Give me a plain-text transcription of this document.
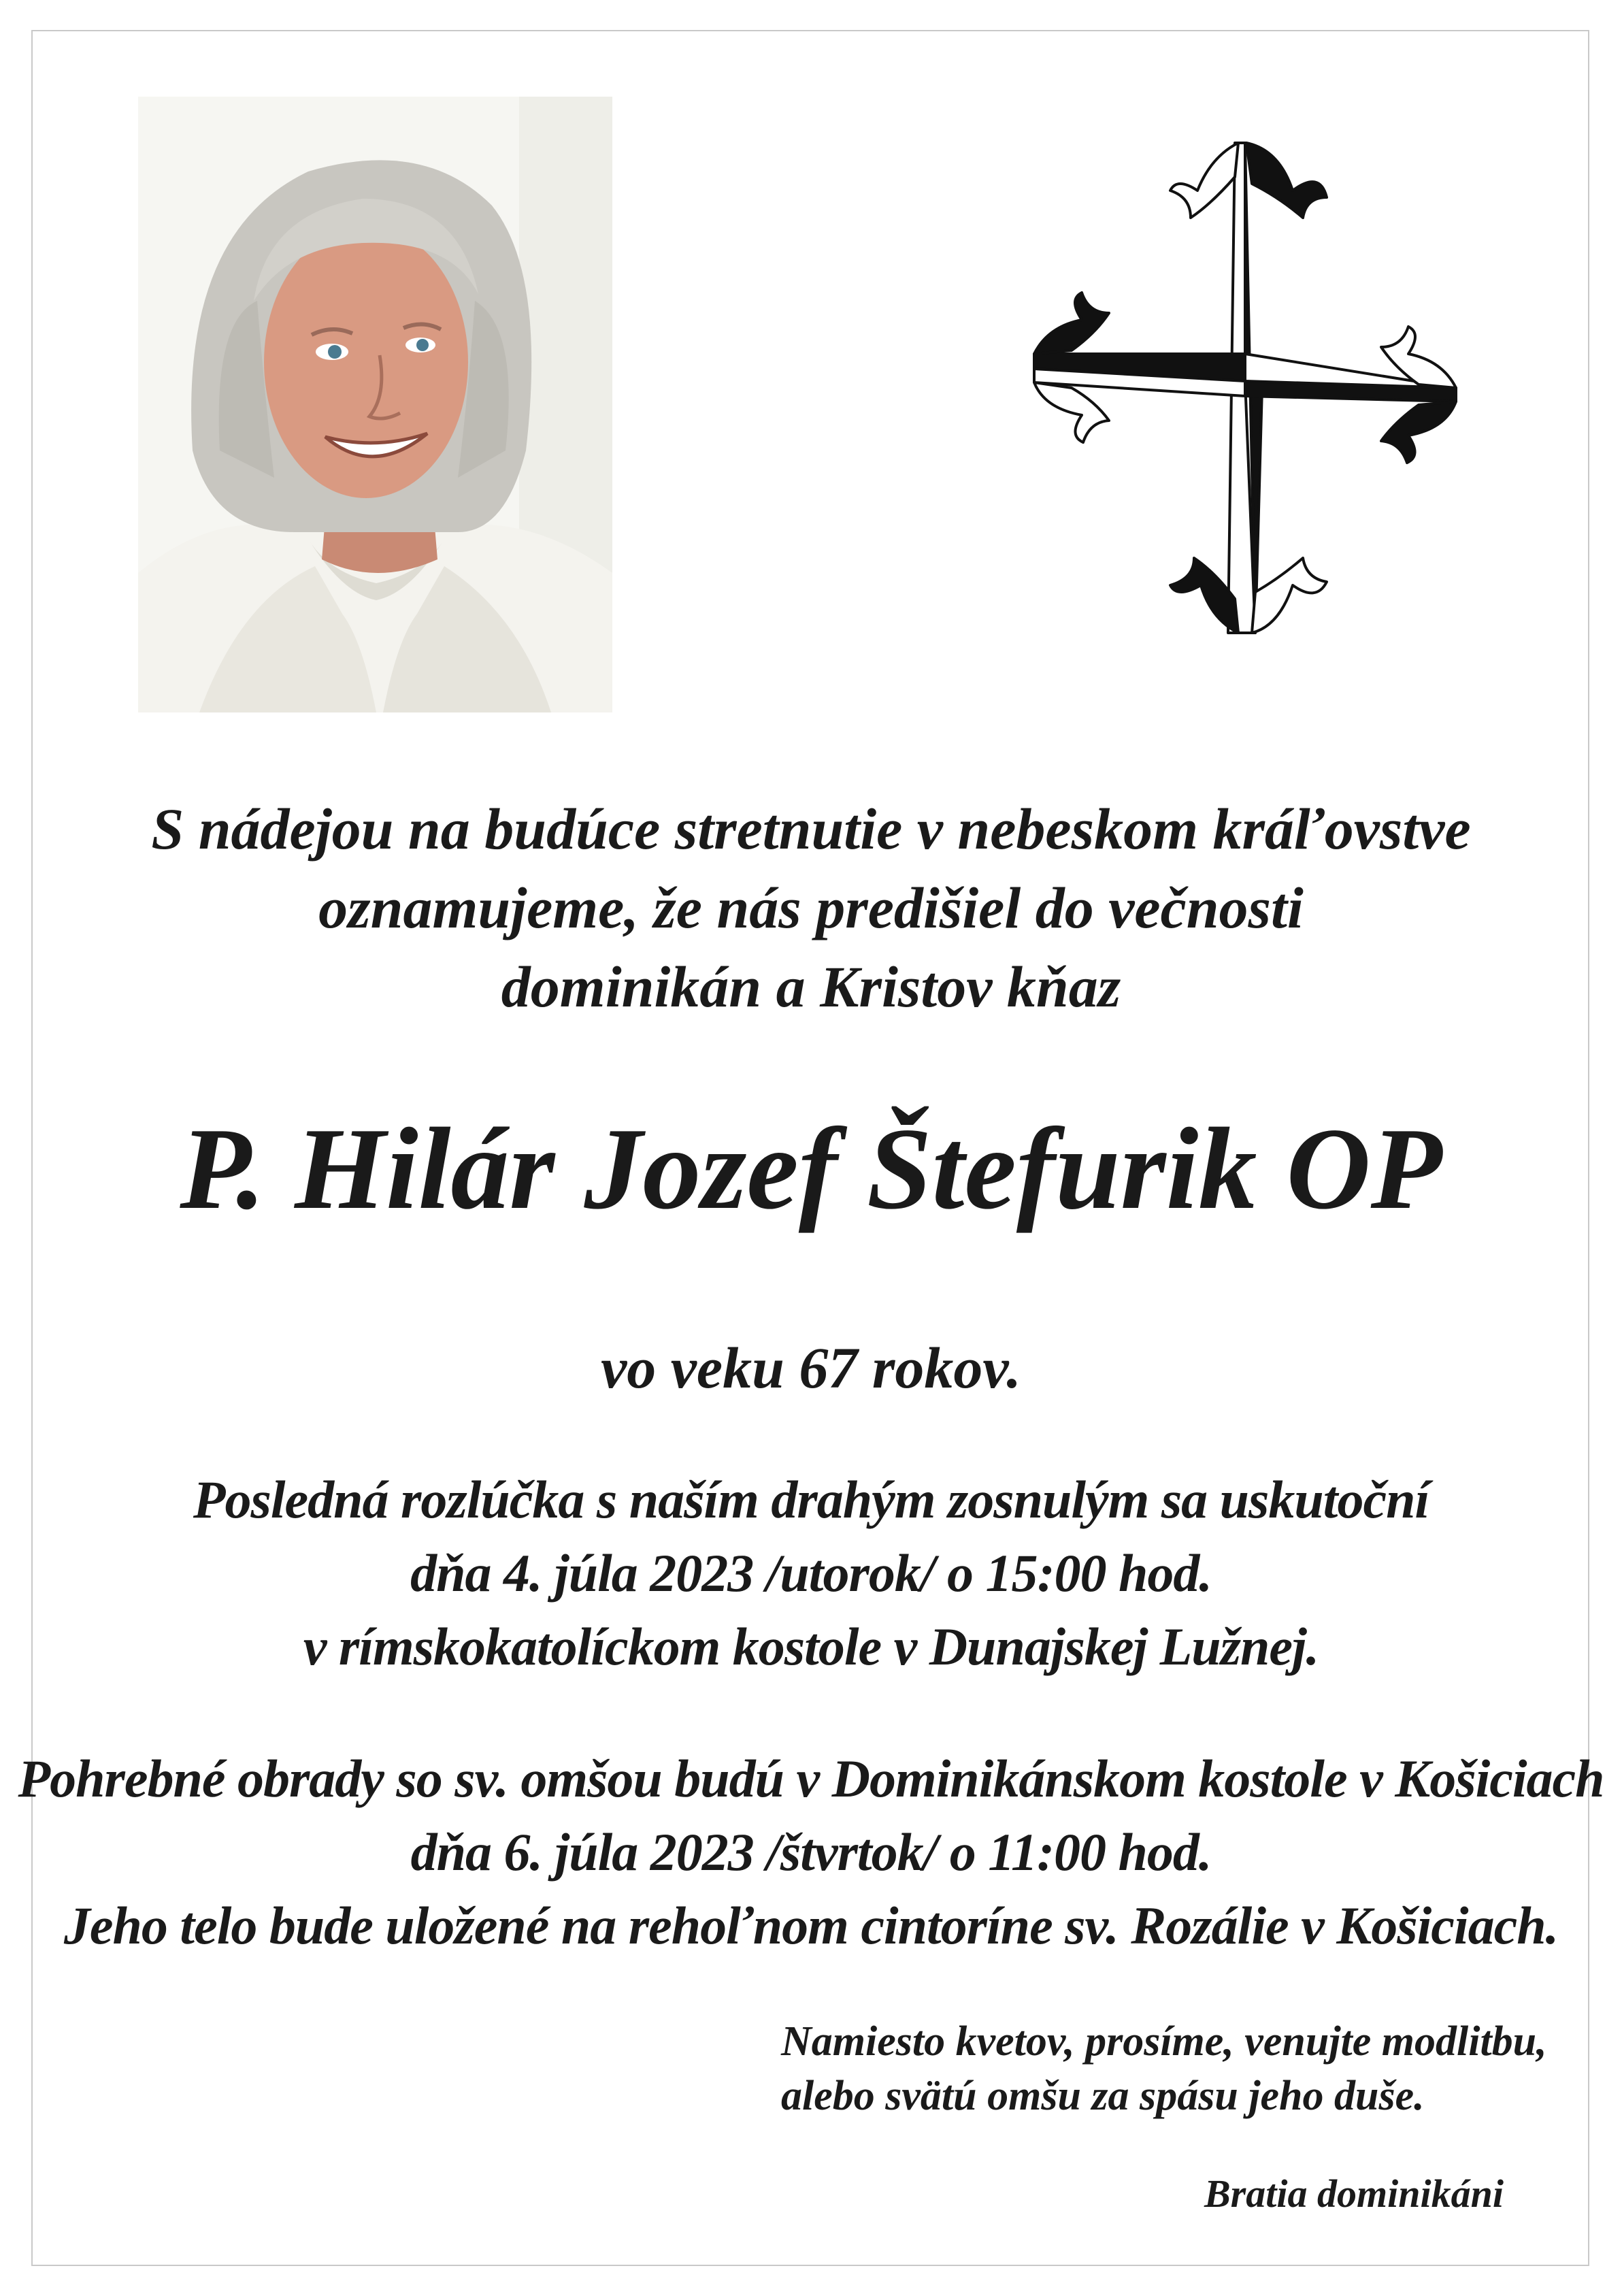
S nádejou na budúce stretnutie v nebeskom kráľovstve
oznamujeme, že nás predišiel do večnosti
dominikán a Kristov kňaz
P. Hilár Jozef Štefurik OP
vo veku 67 rokov.
Posledná rozlúčka s naším drahým zosnulým sa uskutoční
dňa 4. júla 2023 /utorok/ o 15:00 hod.
v rímskokatolíckom kostole v Dunajskej Lužnej.
Pohrebné obrady so sv. omšou budú v Dominikánskom kostole v Košiciach
dňa 6. júla 2023 /štvrtok/ o 11:00 hod.
Jeho telo bude uložené na rehoľnom cintoríne sv. Rozálie v Košiciach.
Namiesto kvetov, prosíme, venujte modlitbu,
alebo svätú omšu za spásu jeho duše.
Bratia dominikáni
